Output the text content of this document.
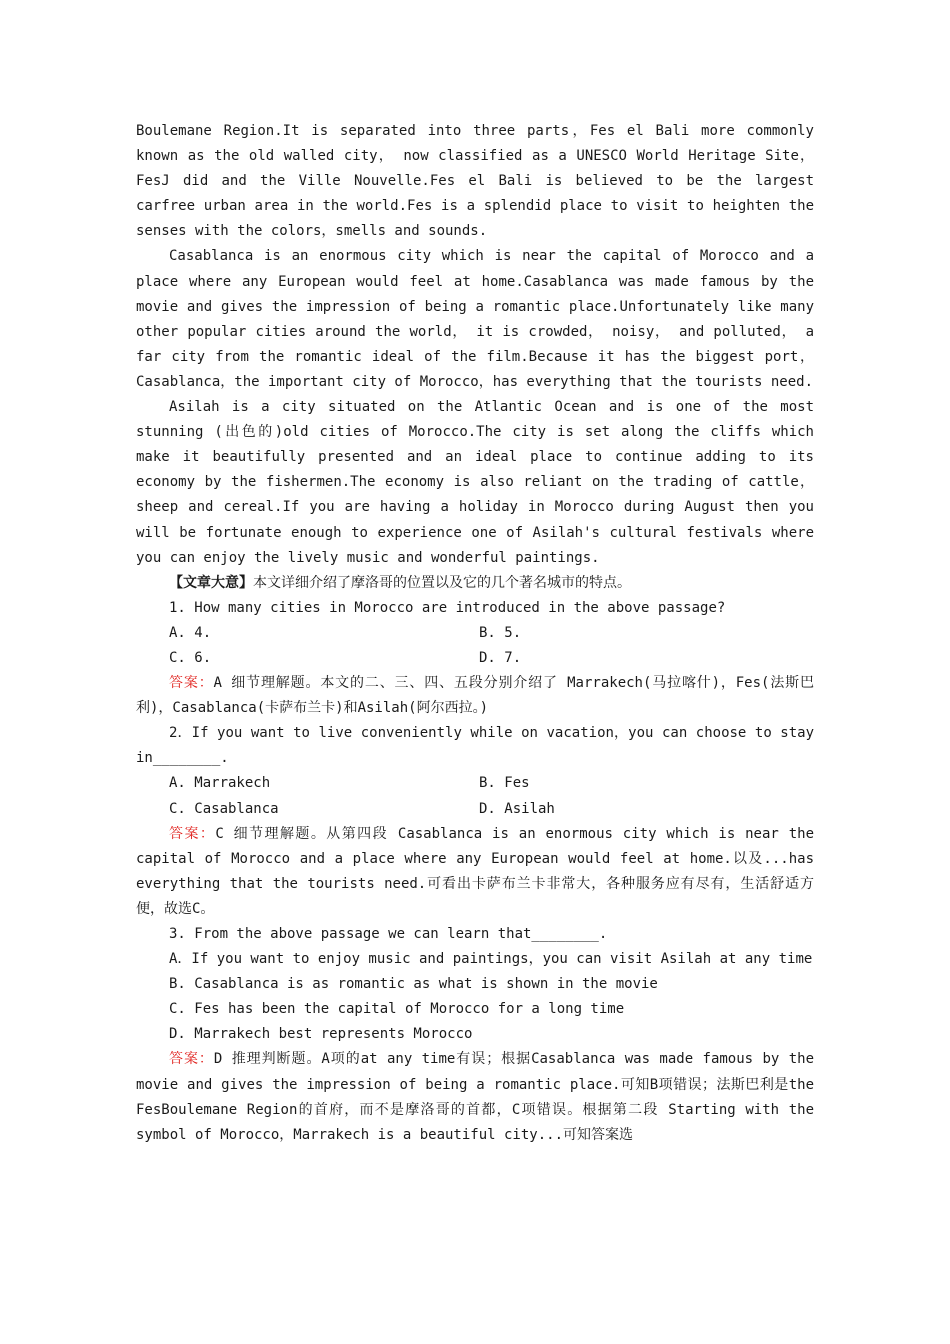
Boulemane Region.It is separated into three parts，Fes el Bali more commonly known as the old walled city， now classified as a UNESCO World Heritage Site，FesJ did and the Ville Nouvelle.Fes el Bali is believed to be the largest carfree urban area in the world.Fes is a splendid place to visit to heighten the senses with the colors，smells and sounds.

Casablanca is an enormous city which is near the capital of Morocco and a place where any European would feel at home.Casablanca was made famous by the movie and gives the impression of being a romantic place.Unfortunately like many other popular cities around the world， it is crowded， noisy， and polluted， a far city from the romantic ideal of the film.Because it has the biggest port，Casablanca，the important city of Morocco，has everything that the tourists need.

Asilah is a city situated on the Atlantic Ocean and is one of the most stunning (出色的)old cities of Morocco.The city is set along the cliffs which make it beautifully presented and an ideal place to continue adding to its economy by the fishermen.The economy is also reliant on the trading of cattle，sheep and cereal.If you are having a holiday in Morocco during August then you will be fortunate enough to experience one of Asilah's cultural festivals where you can enjoy the lively music and wonderful paintings.

【文章大意】本文详细介绍了摩洛哥的位置以及它的几个著名城市的特点。

1. How many cities in Morocco are introduced in the above passage?

A. 4.	B. 5.
C. 6.	D. 7.

答案：A 细节理解题。本文的二、三、四、五段分别介绍了 Marrakech(马拉喀什)，Fes(法斯巴利)，Casablanca(卡萨布兰卡)和Asilah(阿尔西拉。)

2．If you want to live conveniently while on vacation，you can choose to stay in________.

A. Marrakech	B. Fes
C. Casablanca	D. Asilah

答案：C 细节理解题。从第四段 Casablanca is an enormous city which is near the capital of Morocco and a place where any European would feel at home.以及...has everything that the tourists need.可看出卡萨布兰卡非常大，各种服务应有尽有，生活舒适方便，故选C。

3. From the above passage we can learn that________.

A．If you want to enjoy music and paintings，you can visit Asilah at any time

B. Casablanca is as romantic as what is shown in the movie

C. Fes has been the capital of Morocco for a long time

D. Marrakech best represents Morocco

答案：D 推理判断题。A项的at any time有误；根据Casablanca was made famous by the movie and gives the impression of being a romantic place.可知B项错误；法斯巴利是the FesBoulemane Region的首府，而不是摩洛哥的首都，C项错误。根据第二段 Starting with the symbol of Morocco，Marrakech is a beautiful city...可知答案选
